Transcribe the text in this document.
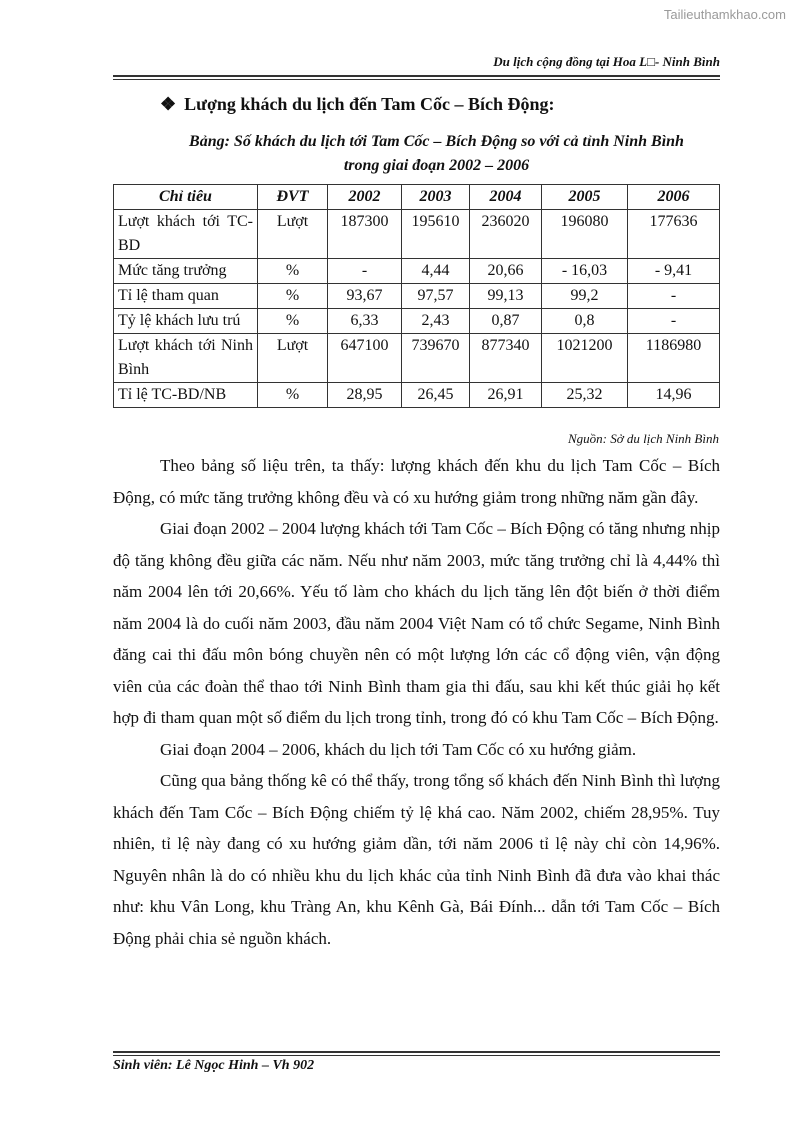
Tailieuthamkhao.com
Du lịch cộng đồng tại Hoa L□- Ninh Bình
❖ Lượng khách du lịch đến Tam Cốc – Bích Động:
Bảng: Số khách du lịch tới Tam Cốc – Bích Động so với cả tỉnh Ninh Bình
trong giai đoạn 2002 – 2006
Chỉ tiêu	ĐVT	2002	2003	2004	2005	2006
Lượt khách tới TC-BD	Lượt	187300	195610	236020	196080	177636
Mức tăng trưởng	%	-	4,44	20,66	- 16,03	- 9,41
Tỉ lệ tham quan	%	93,67	97,57	99,13	99,2	-
Tỷ lệ khách lưu trú	%	6,33	2,43	0,87	0,8	-
Lượt khách tới Ninh Bình	Lượt	647100	739670	877340	1021200	1186980
Tỉ lệ TC-BD/NB	%	28,95	26,45	26,91	25,32	14,96
Nguồn: Sở du lịch Ninh Bình

Theo bảng số liệu trên, ta thấy: lượng khách đến khu du lịch Tam Cốc – Bích Động, có mức tăng trưởng không đều và có xu hướng giảm trong những năm gần đây.

Giai đoạn 2002 – 2004 lượng khách tới Tam Cốc – Bích Động có tăng nhưng nhịp độ tăng không đều giữa các năm. Nếu như năm 2003, mức tăng trưởng chỉ là 4,44% thì năm 2004 lên tới 20,66%. Yếu tố làm cho khách du lịch tăng lên đột biến ở thời điểm năm 2004 là do cuối năm 2003, đầu năm 2004 Việt Nam có tổ chức Segame, Ninh Bình đăng cai thi đấu môn bóng chuyền nên có một lượng lớn các cổ động viên, vận động viên của các đoàn thể thao tới Ninh Bình tham gia thi đấu, sau khi kết thúc giải họ kết hợp đi tham quan một số điểm du lịch trong tỉnh, trong đó có khu Tam Cốc – Bích Động.

Giai đoạn 2004 – 2006, khách du lịch tới Tam Cốc có xu hướng giảm.

Cũng qua bảng thống kê có thể thấy, trong tổng số khách đến Ninh Bình thì lượng khách đến Tam Cốc – Bích Động chiếm tỷ lệ khá cao. Năm 2002, chiếm 28,95%. Tuy nhiên, tỉ lệ này đang có xu hướng giảm dần, tới năm 2006 tỉ lệ này chỉ còn 14,96%. Nguyên nhân là do có nhiều khu du lịch khác của tỉnh Ninh Bình đã đưa vào khai thác như: khu Vân Long, khu Tràng An, khu Kênh Gà, Bái Đính... dẫn tới Tam Cốc – Bích Động phải chia sẻ nguồn khách.

Sinh viên: Lê Ngọc Hinh – Vh 902
